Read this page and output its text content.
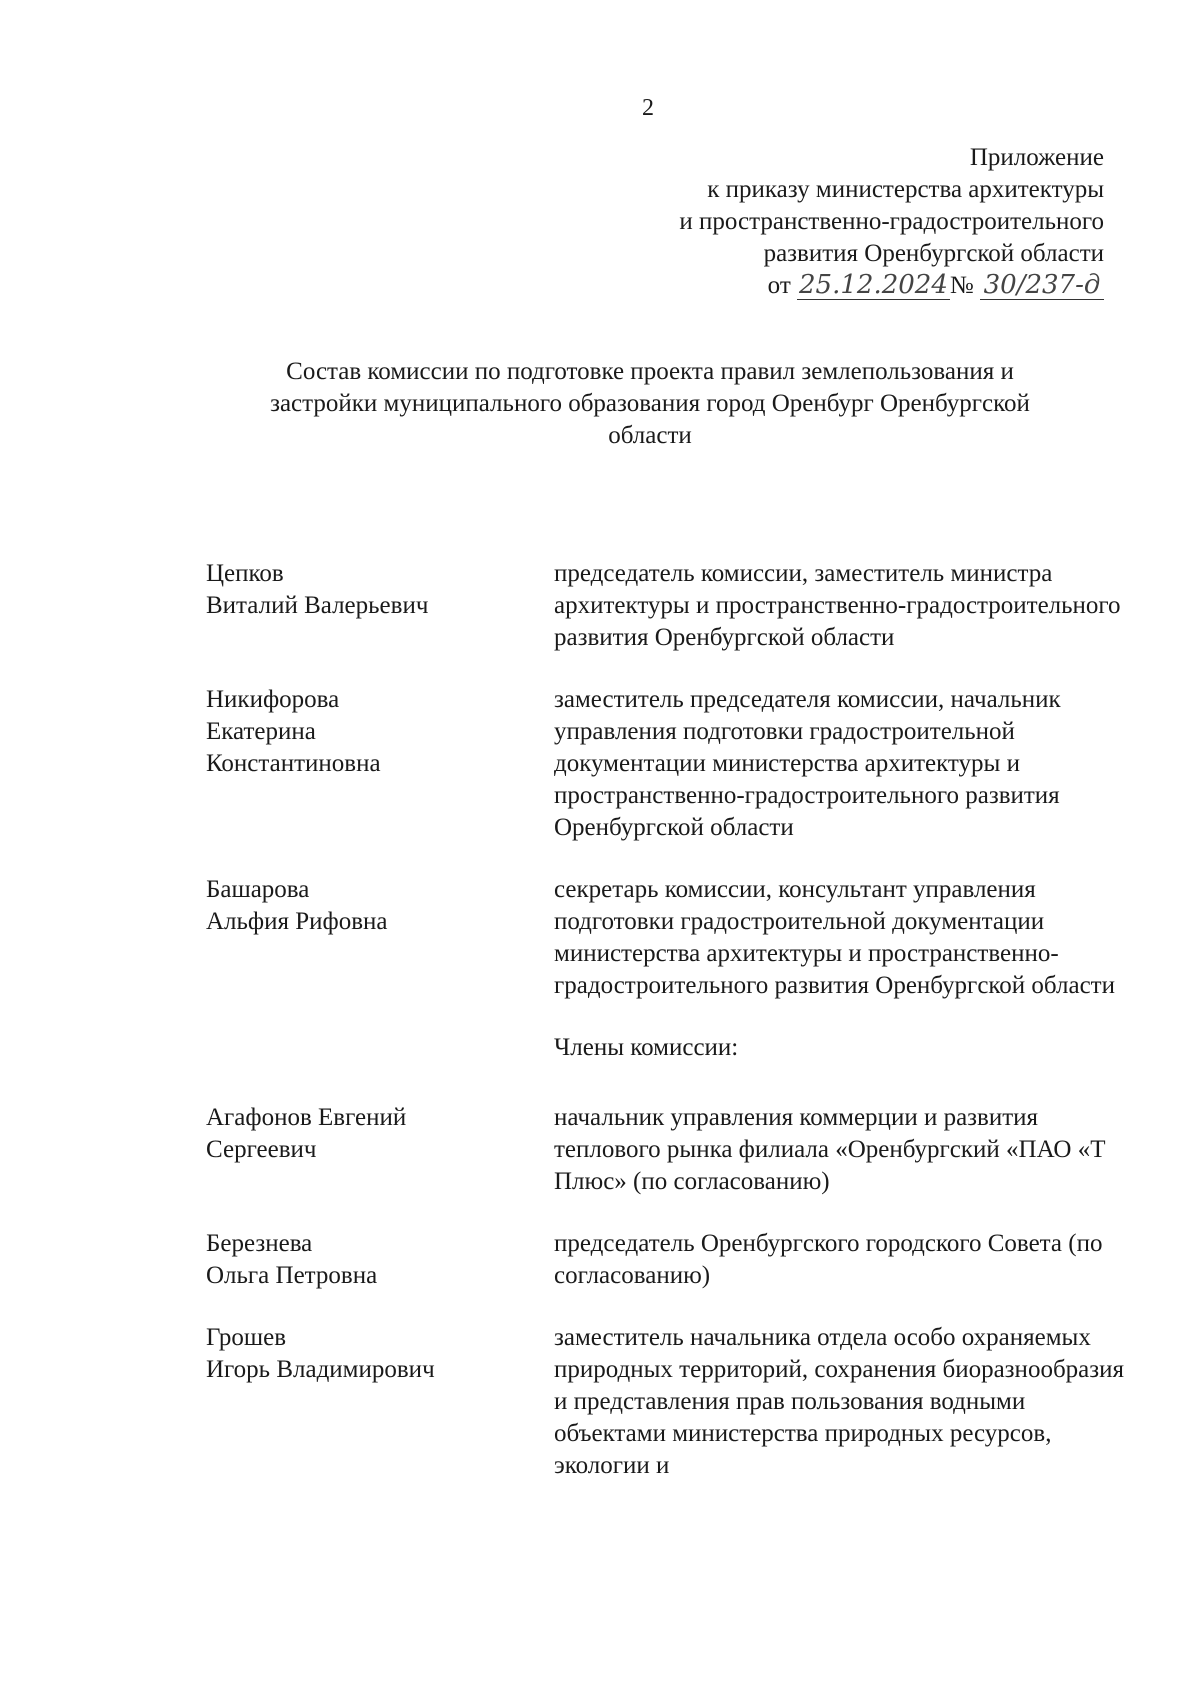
2
Приложение
к приказу министерства архитектуры
и пространственно-градостроительного
развития Оренбургской области
от 25.12.2024№ 30/237-д
Состав комиссии по подготовке проекта правил землепользования и
застройки муниципального образования город Оренбург Оренбургской
области
Цепков
Виталий Валерьевич
председатель комиссии, заместитель министра архитектуры и пространственно-градостроительного развития Оренбургской области
Никифорова
Екатерина
Константиновна
заместитель председателя комиссии, начальник управления подготовки градостроительной документации министерства архитектуры и пространственно-градостроительного развития Оренбургской области
Башарова
Альфия Рифовна
секретарь комиссии, консультант управления подготовки градостроительной документации министерства архитектуры и пространственно-градостроительного развития Оренбургской области
Члены комиссии:
Агафонов Евгений
Сергеевич
начальник управления коммерции и развития теплового рынка филиала «Оренбургский «ПАО «Т Плюс» (по согласованию)
Березнева
Ольга Петровна
председатель Оренбургского городского Совета (по согласованию)
Грошев
Игорь Владимирович
заместитель начальника отдела особо охраняемых природных территорий, сохранения биоразнообразия и представления прав пользования водными объектами министерства природных ресурсов, экологии и
